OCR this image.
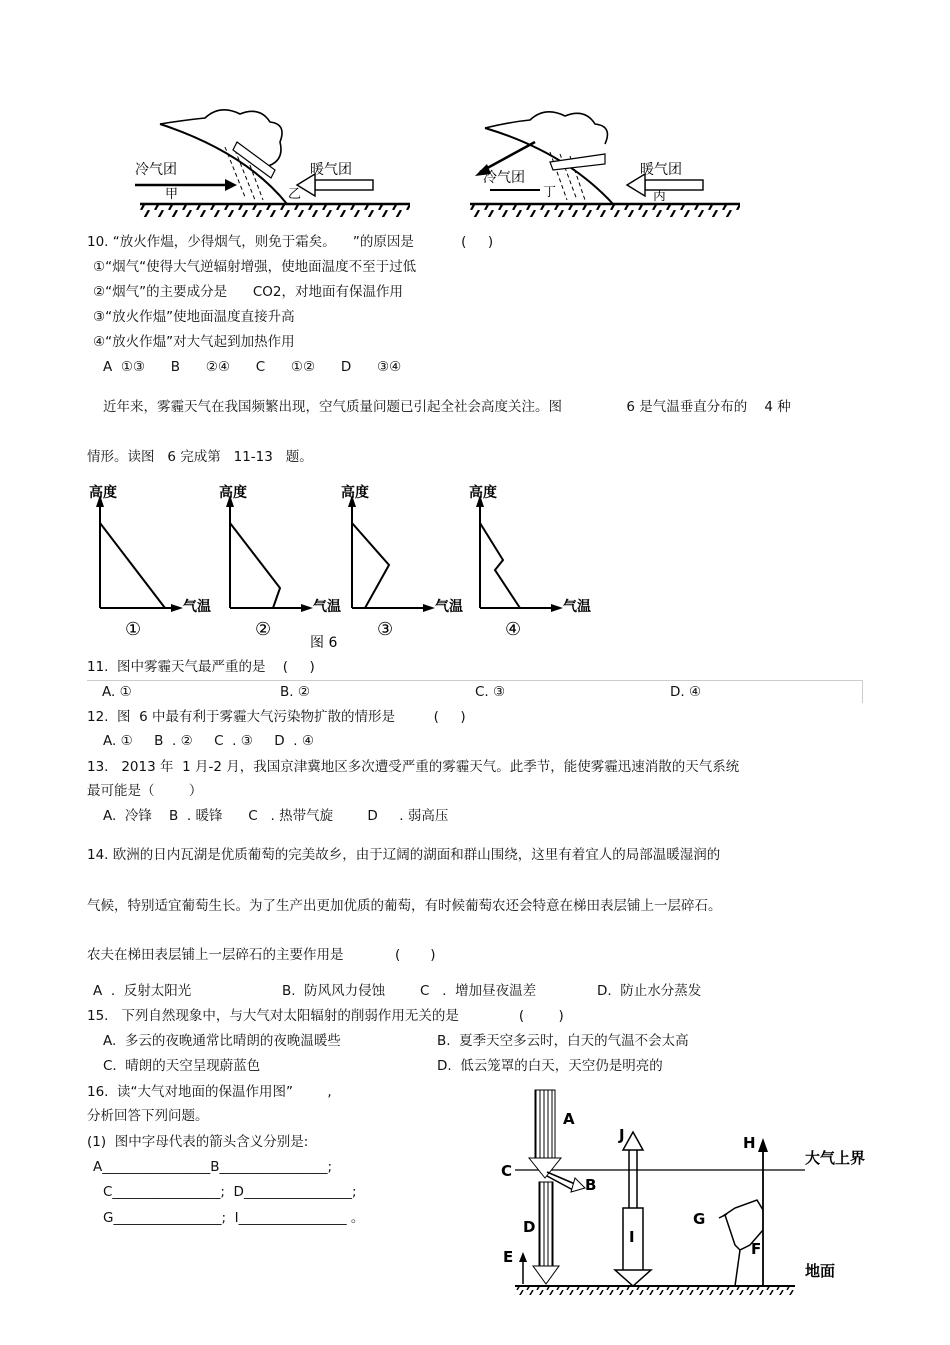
冷气团	暖气团
甲	乙
冷气团	暖气团
丁	丙
10. “放火作煴，少得烟气，则免于霜矣。    ”的原因是           (     )
①“烟气“使得大气逆辐射增强，使地面温度不至于过低
②“烟气”的主要成分是      CO2，对地面有保温作用
③“放火作煴”使地面温度直接升高
④“放火作煴”对大气起到加热作用
A  ①③      B      ②④      C      ①②      D      ③④
近年来，雾霾天气在我国频繁出现，空气质量问题已引起全社会高度关注。图               6 是气温垂直分布的    4 种
情形。读图   6 完成第   11-13   题。
高度
气温
①
高度
气温
②
高度
气温
③
高度
气温
④
图 6
11.  图中雾霾天气最严重的是    (     )
A. ①	B. ②	C. ③	D. ④
12.  图  6 中最有利于雾霾大气污染物扩散的情形是         (     )
A. ①     B  . ②     C  . ③     D  . ④
13.   2013 年  1 月-2 月，我国京津冀地区多次遭受严重的雾霾天气。此季节，能使雾霾迅速消散的天气系统
最可能是（        ）
A.  冷锋    B  . 暖锋      C   . 热带气旋        D     . 弱高压
14. 欧洲的日内瓦湖是优质葡萄的完美故乡，由于辽阔的湖面和群山围绕，这里有着宜人的局部温暖湿润的
气候，特别适宜葡萄生长。为了生产出更加优质的葡萄，有时候葡萄农还会特意在梯田表层铺上一层碎石。
农夫在梯田表层铺上一层碎石的主要作用是            (       )
A  .  反射太阳光	B.  防风风力侵蚀	C   .  增加昼夜温差	D.  防止水分蒸发
15.   下列自然现象中，与大气对太阳辐射的削弱作用无关的是              (        )
A.  多云的夜晚通常比晴朗的夜晚温暖些	B.  夏季天空多云时，白天的气温不会太高
C.  晴朗的天空呈现蔚蓝色	D.  低云笼罩的白天，天空仍是明亮的
16.  读“大气对地面的保温作用图”        ,
分析回答下列问题。
(1)  图中字母代表的箭头含义分别是:
A________________B________________;
C________________;  D________________;
G________________;  I________________ 。
A
B
C
D
E	F
G
H
I
J
大气上界
地面
